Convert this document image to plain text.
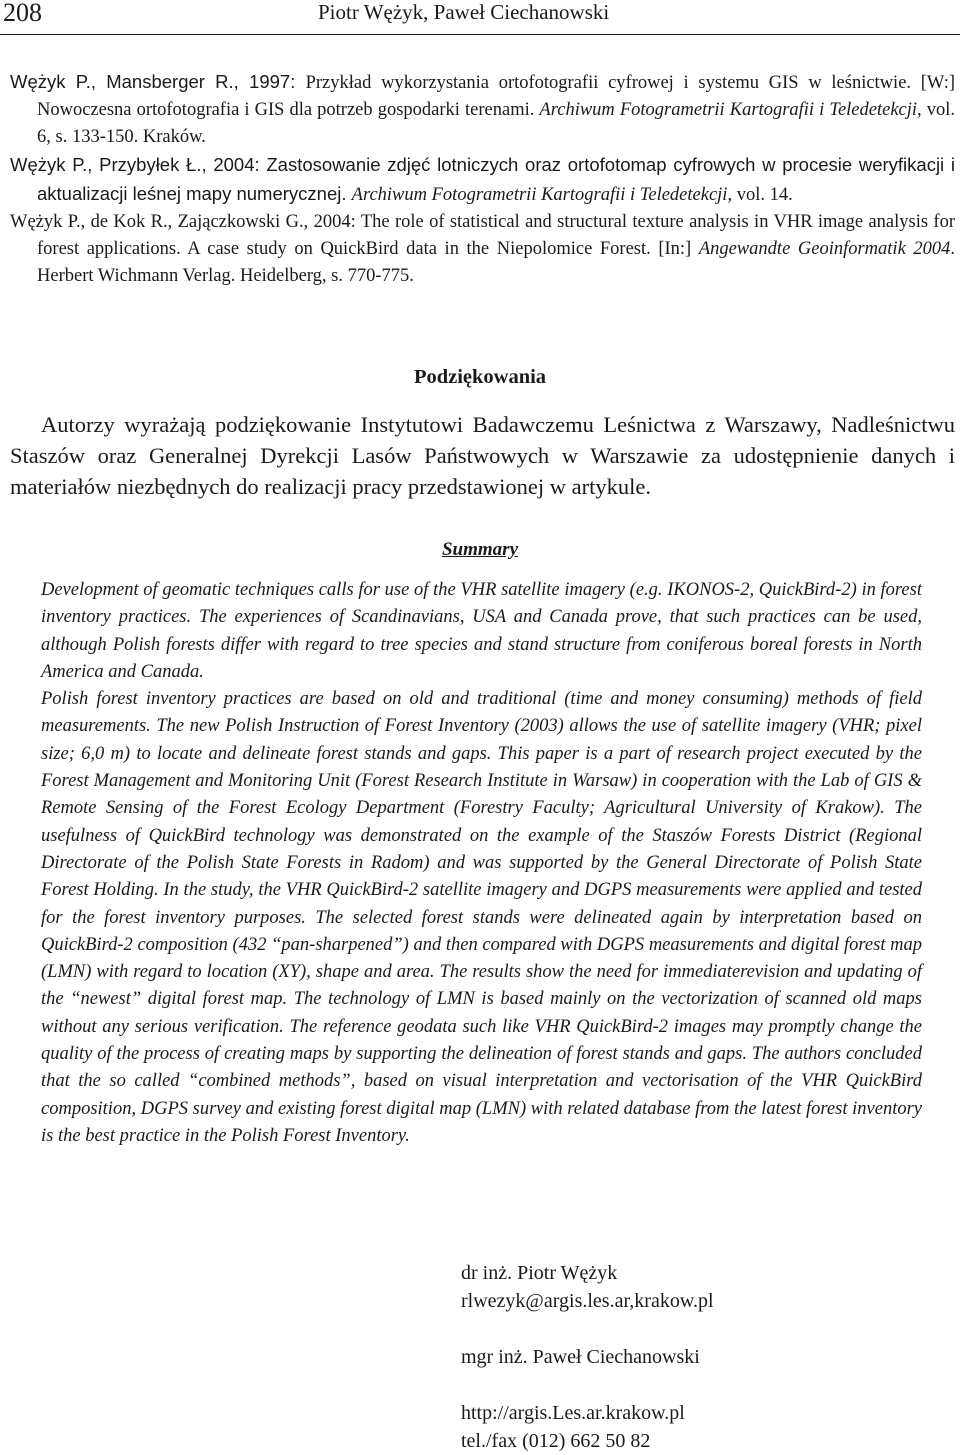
208	Piotr Wężyk, Paweł Ciechanowski

Wężyk P., Mansberger R., 1997: Przykład wykorzystania ortofotografii cyfrowej i systemu GIS w leśnictwie. [W:] Nowoczesna ortofotografia i GIS dla potrzeb gospodarki terenami. Archiwum Fotogrametrii Kartografii i Teledetekcji, vol. 6, s. 133-150. Kraków.

Wężyk P., Przybyłek Ł., 2004: Zastosowanie zdjęć lotniczych oraz ortofotomap cyfrowych w procesie weryfikacji i aktualizacji leśnej mapy numerycznej. Archiwum Fotogrametrii Kartografii i Teledetekcji, vol. 14.

Wężyk P., de Kok R., Zajączkowski G., 2004: The role of statistical and structural texture analysis in VHR image analysis for forest applications. A case study on QuickBird data in the Niepolomice Forest. [In:] Angewandte Geoinformatik 2004. Herbert Wichmann Verlag. Heidelberg, s. 770-775.

Podziękowania

Autorzy wyrażają podziękowanie Instytutowi Badawczemu Leśnictwa z Warszawy, Nadleśnictwu Staszów oraz Generalnej Dyrekcji Lasów Państwowych w Warszawie za udostępnienie danych i materiałów niezbędnych do realizacji pracy przedstawionej w artykule.

Summary

Development of geomatic techniques calls for use of the VHR satellite imagery (e.g. IKONOS-2, QuickBird-2) in forest inventory practices. The experiences of Scandinavians, USA and Canada prove, that such practices can be used, although Polish forests differ with regard to tree species and stand structure from coniferous boreal forests in North America and Canada.

Polish forest inventory practices are based on old and traditional (time and money consuming) methods of field measurements. The new Polish Instruction of Forest Inventory (2003) allows the use of satellite imagery (VHR; pixel size; 6,0 m) to locate and delineate forest stands and gaps. This paper is a part of research project executed by the Forest Management and Monitoring Unit (Forest Research Institute in Warsaw) in cooperation with the Lab of GIS & Remote Sensing of the Forest Ecology Department (Forestry Faculty; Agricultural University of Krakow). The usefulness of QuickBird technology was demonstrated on the example of the Staszów Forests District (Regional Directorate of the Polish State Forests in Radom) and was supported by the General Directorate of Polish State Forest Holding. In the study, the VHR QuickBird-2 satellite imagery and DGPS measurements were applied and tested for the forest inventory purposes. The selected forest stands were delineated again by interpretation based on QuickBird-2 composition (432 “pan-sharpened”) and then compared with DGPS measurements and digital forest map (LMN) with regard to location (XY), shape and area. The results show the need for immediaterevision and updating of the “newest” digital forest map. The technology of LMN is based mainly on the vectorization of scanned old maps without any serious verification. The reference geodata such like VHR QuickBird-2 images may promptly change the quality of the process of creating maps by supporting the delineation of forest stands and gaps. The authors concluded that the so called “combined methods”, based on visual interpretation and vectorisation of the VHR QuickBird composition, DGPS survey and existing forest digital map (LMN) with related database from the latest forest inventory is the best practice in the Polish Forest Inventory.

dr inż. Piotr Wężyk
rlwezyk@argis.les.ar,krakow.pl
mgr inż. Paweł Ciechanowski
http://argis.Les.ar.krakow.pl
tel./fax (012) 662 50 82
